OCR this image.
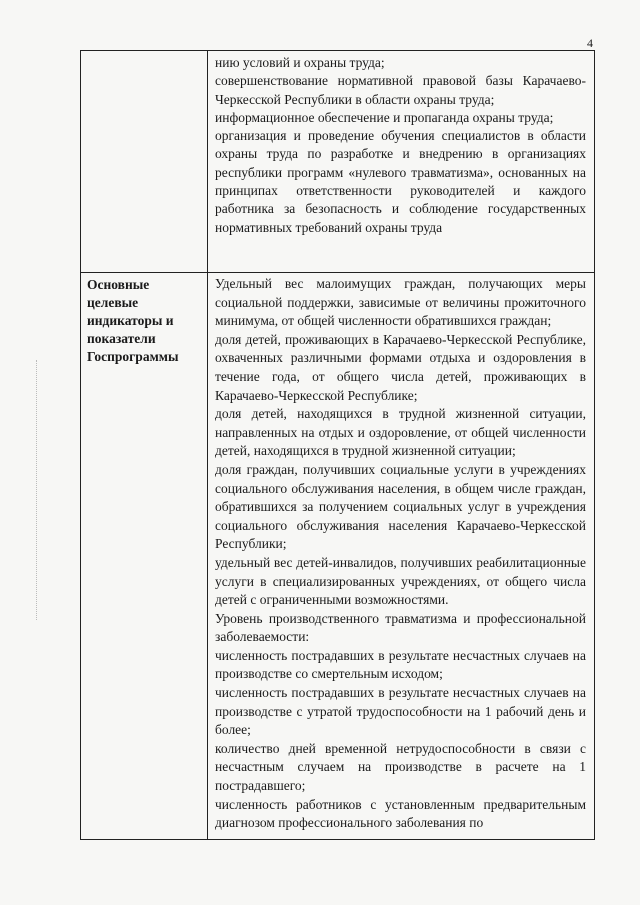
4

нию условий и охраны труда;

совершенствование нормативной правовой базы Карачаево-Черкесской Республики в области охраны труда;

информационное обеспечение и пропаганда охраны труда;

организация и проведение обучения специалистов в области охраны труда по разработке и внедрению в организациях республики программ «нулевого травматизма», основанных на принципах ответственности руководителей и каждого работника за безопасность и соблюдение государственных нормативных требований охраны труда

Основные целевые индикаторы и показатели Госпрограммы

Удельный вес малоимущих граждан, получающих меры социальной поддержки, зависимые от величины прожиточного минимума, от общей численности обратившихся граждан;

доля детей, проживающих в Карачаево-Черкесской Республике, охваченных различными формами отдыха и оздоровления в течение года, от общего числа детей, проживающих в Карачаево-Черкесской Республике;

доля детей, находящихся в трудной жизненной ситуации, направленных на отдых и оздоровление, от общей численности детей, находящихся в трудной жизненной ситуации;

доля граждан, получивших социальные услуги в учреждениях социального обслуживания населения, в общем числе граждан, обратившихся за получением социальных услуг в учреждения социального обслуживания населения Карачаево-Черкесской Республики;

удельный вес детей-инвалидов, получивших реабилитационные услуги в специализированных учреждениях, от общего числа детей с ограниченными возможностями.

Уровень производственного травматизма и профессиональной заболеваемости:

численность пострадавших в результате несчастных случаев на производстве со смертельным исходом;

численность пострадавших в результате несчастных случаев на производстве с утратой трудоспособности на 1 рабочий день и более;

количество дней временной нетрудоспособности в связи с несчастным случаем на производстве в расчете на 1 пострадавшего;

численность работников с установленным предварительным диагнозом профессионального заболевания по
